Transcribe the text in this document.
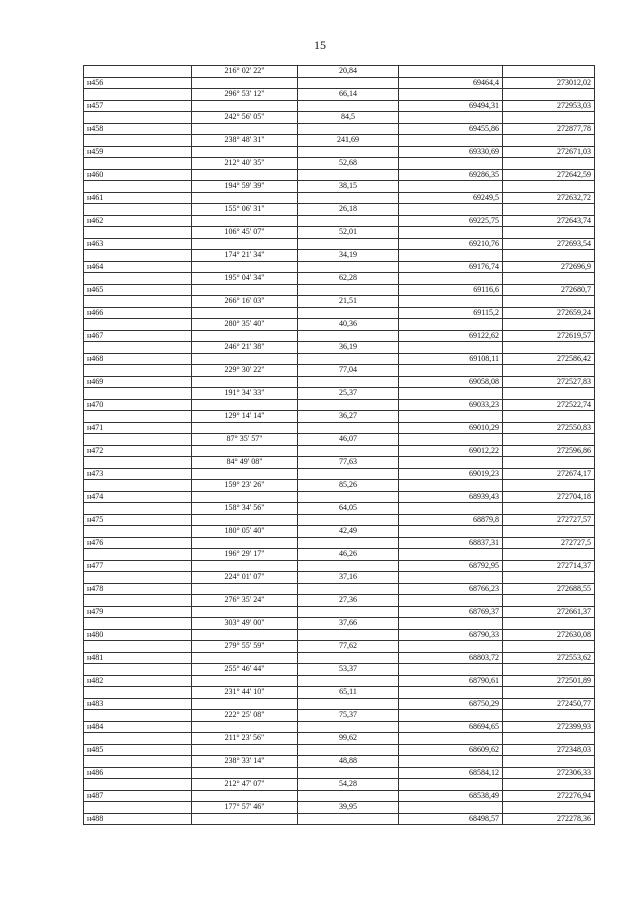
15
	216° 02' 22"	20,84		
н456			69464,4	273012,02
	296° 53' 12"	66,14		
н457			69494,31	272953,03
	242° 56' 05"	84,5		
н458			69455,86	272877,78
	238° 48' 31"	241,69		
н459			69330,69	272671,03
	212° 40' 35"	52,68		
н460			69286,35	272642,59
	194° 59' 39"	38,15		
н461			69249,5	272632,72
	155° 06' 31"	26,18		
н462			69225,75	272643,74
	106° 45' 07"	52,01		
н463			69210,76	272693,54
	174° 21' 34"	34,19		
н464			69176,74	272696,9
	195° 04' 34"	62,28		
н465			69116,6	272680,7
	266° 16' 03"	21,51		
н466			69115,2	272659,24
	280° 35' 40"	40,36		
н467			69122,62	272619,57
	246° 21' 38"	36,19		
н468			69108,11	272586,42
	229° 30' 22"	77,04		
н469			69058,08	272527,83
	191° 34' 33"	25,37		
н470			69033,23	272522,74
	129° 14' 14"	36,27		
н471			69010,29	272550,83
	87° 35' 57"	46,07		
н472			69012,22	272596,86
	84° 49' 08"	77,63		
н473			69019,23	272674,17
	159° 23' 26"	85,26		
н474			68939,43	272704,18
	158° 34' 56"	64,05		
н475			68879,8	272727,57
	180° 05' 40"	42,49		
н476			68837,31	272727,5
	196° 29' 17"	46,26		
н477			68792,95	272714,37
	224° 01' 07"	37,16		
н478			68766,23	272688,55
	276° 35' 24"	27,36		
н479			68769,37	272661,37
	303° 49' 00"	37,66		
н480			68790,33	272630,08
	279° 55' 59"	77,62		
н481			68803,72	272553,62
	255° 46' 44"	53,37		
н482			68790,61	272501,89
	231° 44' 10"	65,11		
н483			68750,29	272450,77
	222° 25' 08"	75,37		
н484			68694,65	272399,93
	211° 23' 56"	99,62		
н485			68609,62	272348,03
	238° 33' 14"	48,88		
н486			68584,12	272306,33
	212° 47' 07"	54,28		
н487			68538,49	272276,94
	177° 57' 46"	39,95		
н488			68498,57	272278,36
